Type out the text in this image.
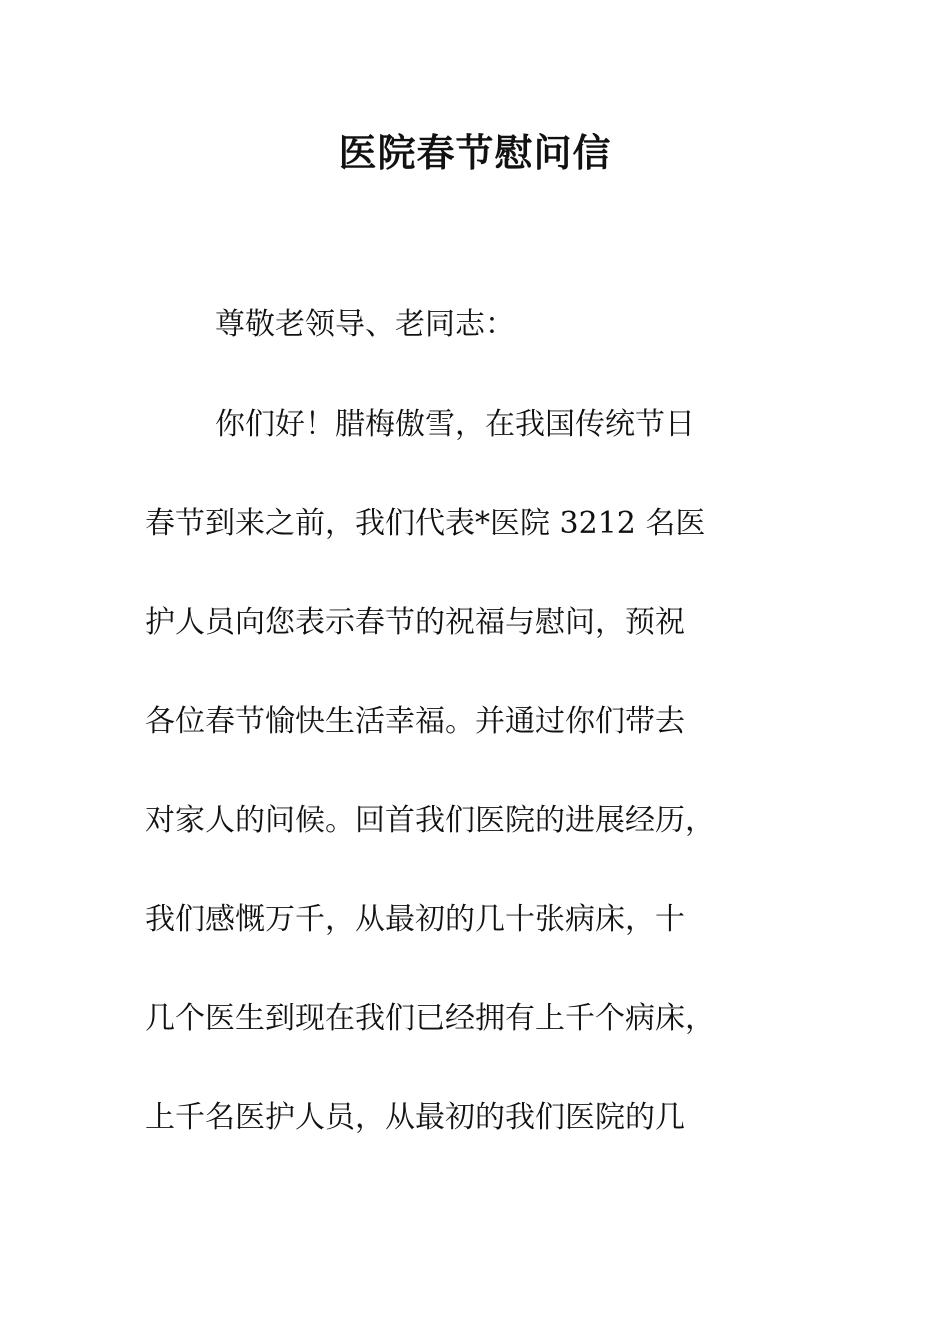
医院春节慰问信
尊敬老领导、老同志：
你们好！腊梅傲雪，在我国传统节日
春节到来之前，我们代表*医院 3212 名医
护人员向您表示春节的祝福与慰问，预祝
各位春节愉快生活幸福。并通过你们带去
对家人的问候。回首我们医院的进展经历，
我们感慨万千，从最初的几十张病床，十
几个医生到现在我们已经拥有上千个病床，
上千名医护人员，从最初的我们医院的几
